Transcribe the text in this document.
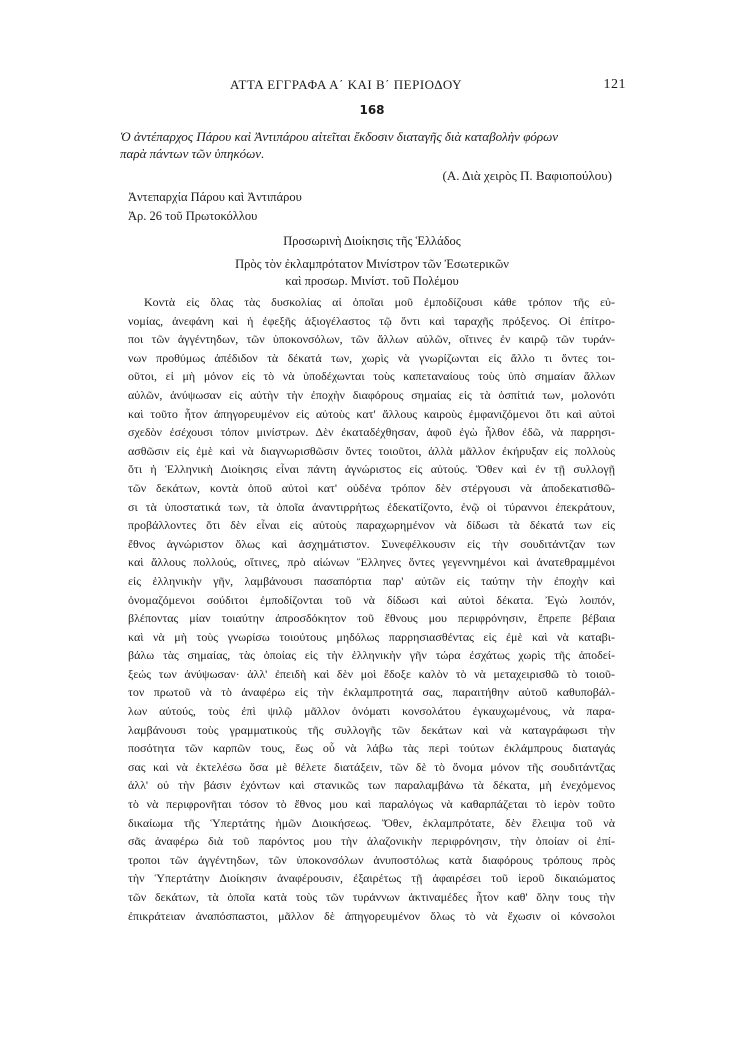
ΑΤΤΑ ΕΓΓΡΑΦΑ Α΄ ΚΑΙ Β΄ ΠΕΡΙΟΔΟΥ	121
168
Ὁ ἀντέπαρχος Πάρου καὶ Ἀντιπάρου αἰτεῖται ἔκδοσιν διαταγῆς διὰ καταβολὴν φόρων
παρὰ πάντων τῶν ὑπηκόων.
(Α. Διὰ χειρὸς Π. Βαφιοπούλου)
Ἀντεπαρχία Πάρου καὶ Ἀντιπάρου
Ἀρ. 26 τοῦ Πρωτοκόλλου
Προσωρινὴ Διοίκησις τῆς Ἑλλάδος
Πρὸς τὸν ἐκλαμπρότατον Μινίστρον τῶν Ἐσωτερικῶν
καὶ προσωρ. Μινίστ. τοῦ Πολέμου
Κοντὰ εἰς ὅλας τὰς δυσκολίας αἱ ὁποῖαι μοῦ ἐμποδίζουσι κάθε τρόπον τῆς εὐ-
νομίας, ἀνεφάνη καὶ ἡ ἐφεξῆς ἀξιογέλαστος τῷ ὄντι καὶ ταραχῆς πρόξενος. Οἱ ἐπίτρο-
ποι τῶν ἀγγέντηδων, τῶν ὑποκονσόλων, τῶν ἄλλων αὐλῶν, οἵτινες ἐν καιρῷ τῶν τυράν-
νων προθύμως ἀπέδιδον τὰ δέκατά των, χωρὶς νὰ γνωρίζωνται εἰς ἄλλο τι ὄντες τοι-
οῦτοι, εἰ μὴ μόνον εἰς τὸ νὰ ὑποδέχωνται τοὺς καπεταναίους τοὺς ὑπὸ σημαίαν ἄλλων
αὐλῶν, ἀνύψωσαν εἰς αὐτὴν τὴν ἐποχὴν διαφόρους σημαίας εἰς τὰ ὁσπίτιά των, μολονότι
καὶ τοῦτο ἦτον ἀπηγορευμένον εἰς αὐτοὺς κατ' ἄλλους καιροὺς ἐμφανιζόμενοι ὅτι καὶ αὐτοὶ
σχεδὸν ἐσέχουσι τόπον μινίστρων. Δὲν ἐκαταδέχθησαν, ἀφοῦ ἐγὼ ἦλθον ἐδῶ, νὰ παρρησι-
ασθῶσιν εἰς ἐμὲ καὶ νὰ διαγνωρισθῶσιν ὄντες τοιοῦτοι, ἀλλὰ μᾶλλον ἐκήρυξαν εἰς πολλοὺς
ὅτι ἡ Ἑλληνικὴ Διοίκησις εἶναι πάντη ἀγνώριστος εἰς αὐτούς. Ὅθεν καὶ ἐν τῇ συλλογῇ
τῶν δεκάτων, κοντὰ ὁποῦ αὐτοὶ κατ' οὐδένα τρόπον δὲν στέργουσι νὰ ἀποδεκατισθῶ-
σι τὰ ὑποστατικά των, τὰ ὁποῖα ἀναντιρρήτως ἐδεκατίζοντο, ἐνῷ οἱ τύραννοι ἐπεκράτουν,
προβάλλοντες ὅτι δὲν εἶναι εἰς αὐτοὺς παραχωρημένον νὰ δίδωσι τὰ δέκατά των εἰς
ἔθνος ἀγνώριστον ὅλως καὶ ἀσχημάτιστον. Συνεφέλκουσιν εἰς τὴν σουδιτάντζαν των
καὶ ἄλλους πολλούς, οἵτινες, πρὸ αἰώνων Ἕλληνες ὄντες γεγεννημένοι καὶ ἀνατεθραμμένοι
εἰς ἑλληνικὴν γῆν, λαμβάνουσι πασαπόρτια παρ' αὐτῶν εἰς ταύτην τὴν ἐποχὴν καὶ
ὀνομαζόμενοι σούδιτοι ἐμποδίζονται τοῦ νὰ δίδωσι καὶ αὐτοὶ δέκατα. Ἐγὼ λοιπόν,
βλέποντας μίαν τοιαύτην ἀπροσδόκητον τοῦ ἔθνους μου περιφρόνησιν, ἔπρεπε βέβαια
καὶ νὰ μὴ τοὺς γνωρίσω τοιούτους μηδόλως παρρησιασθέντας εἰς ἐμὲ καὶ νὰ καταβι-
βάλω τὰς σημαίας, τὰς ὁποίας εἰς τὴν ἑλληνικὴν γῆν τώρα ἐσχάτως χωρὶς τῆς ἀποδεί-
ξεώς των ἀνύψωσαν· ἀλλ' ἐπειδὴ καὶ δὲν μοὶ ἔδοξε καλὸν τὸ νὰ μεταχειρισθῶ τὸ τοιοῦ-
τον πρωτοῦ νὰ τὸ ἀναφέρω εἰς τὴν ἐκλαμπροτητά σας, παραιτήθην αὐτοῦ καθυποβάλ-
λων αὐτούς, τοὺς ἐπὶ ψιλῷ μᾶλλον ὀνόματι κονσολάτου ἐγκαυχωμένους, νὰ παρα-
λαμβάνουσι τοὺς γραμματικοὺς τῆς συλλογῆς τῶν δεκάτων καὶ νὰ καταγράφωσι τὴν
ποσότητα τῶν καρπῶν τους, ἕως οὗ νὰ λάβω τὰς περὶ τούτων ἐκλάμπρους διαταγάς
σας καὶ νὰ ἐκτελέσω ὅσα μὲ θέλετε διατάξειν, τῶν δὲ τὸ ὄνομα μόνον τῆς σουδιτάντζας
ἀλλ' οὐ τὴν βάσιν ἐχόντων καὶ στανικῶς των παραλαμβάνω τὰ δέκατα, μὴ ἐνεχόμενος
τὸ νὰ περιφρονῆται τόσον τὸ ἔθνος μου καὶ παραλόγως νὰ καθαρπάζεται τὸ ἱερὸν τοῦτο
δικαίωμα τῆς Ὑπερτάτης ἡμῶν Διοικήσεως. Ὅθεν, ἐκλαμπρότατε, δὲν ἔλειψα τοῦ νὰ
σᾶς ἀναφέρω διὰ τοῦ παρόντος μου τὴν ἀλαζονικὴν περιφρόνησιν, τὴν ὁποίαν οἱ ἐπί-
τροποι τῶν ἀγγέντηδων, τῶν ὑποκονσόλων ἀνυποστόλως κατὰ διαφόρους τρόπους πρὸς
τὴν Ὑπερτάτην Διοίκησιν ἀναφέρουσιν, ἐξαιρέτως τῇ ἀφαιρέσει τοῦ ἱεροῦ δικαιώματος
τῶν δεκάτων, τὰ ὁποῖα κατὰ τοὺς τῶν τυράννων ἀκτιναμέδες ἦτον καθ' ὅλην τους τὴν
ἐπικράτειαν ἀναπόσπαστοι, μᾶλλον δὲ ἀπηγορευμένον ὅλως τὸ νὰ ἔχωσιν οἱ κόνσολοι
